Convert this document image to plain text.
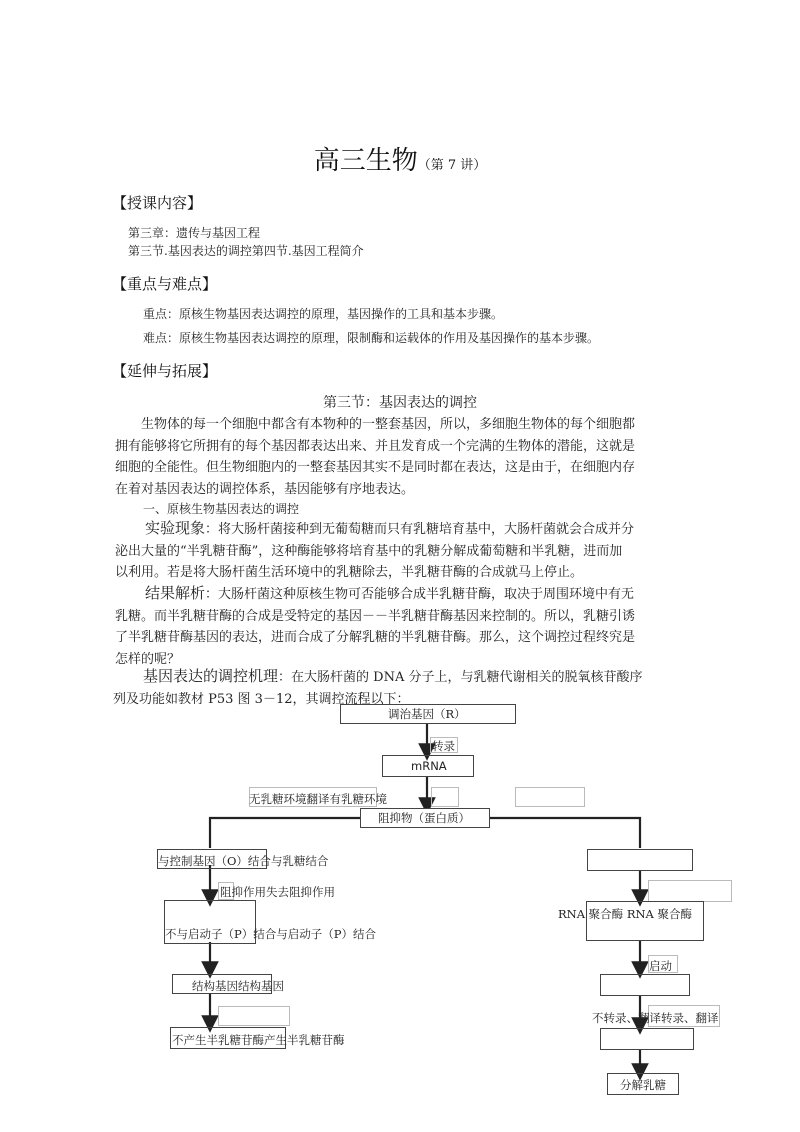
高三生物（第 7 讲）
【授课内容】
第三章：遗传与基因工程
第三节.基因表达的调控第四节.基因工程简介
【重点与难点】
重点：原核生物基因表达调控的原理，基因操作的工具和基本步骤。
难点：原核生物基因表达调控的原理，限制酶和运载体的作用及基因操作的基本步骤。
【延伸与拓展】
第三节：基因表达的调控
生物体的每一个细胞中都含有本物种的一整套基因，所以，多细胞生物体的每个细胞都拥有能够将它所拥有的每个基因都表达出来、并且发育成一个完满的生物体的潜能，这就是细胞的全能性。但生物细胞内的一整套基因其实不是同时都在表达，这是由于，在细胞内存在着对基因表达的调控体系，基因能够有序地表达。
一、原核生物基因表达的调控
实验现象：将大肠杆菌接种到无葡萄糖而只有乳糖培育基中，大肠杆菌就会合成并分泌出大量的“半乳糖苷酶”，这种酶能够将培育基中的乳糖分解成葡萄糖和半乳糖，进而加以利用。若是将大肠杆菌生活环境中的乳糖除去，半乳糖苷酶的合成就马上停止。
结果解析：大肠杆菌这种原核生物可否能够合成半乳糖苷酶，取决于周围环境中有无乳糖。而半乳糖苷酶的合成是受特定的基因－－半乳糖苷酶基因来控制的。所以，乳糖引诱了半乳糖苷酶基因的表达，进而合成了分解乳糖的半乳糖苷酶。那么，这个调控过程终究是怎样的呢？
基因表达的调控机理：在大肠杆菌的 DNA 分子上，与乳糖代谢相关的脱氧核苷酸序列及功能如教材 P53 图 3－12，其调控流程以下：
调治基因（R）
转录
mRNA
无乳糖环境翻译有乳糖环境
阻抑物（蛋白质）
与控制基因（O）结合与乳糖结合
阻抑作用失去阻抑作用
不与启动子（P）结合与启动子（P）结合
结构基因结构基因
不产生半乳糖苷酶产生半乳糖苷酶
RNA 聚合酶 RNA 聚合酶
启动
不转录、翻译转录、翻译
分解乳糖
